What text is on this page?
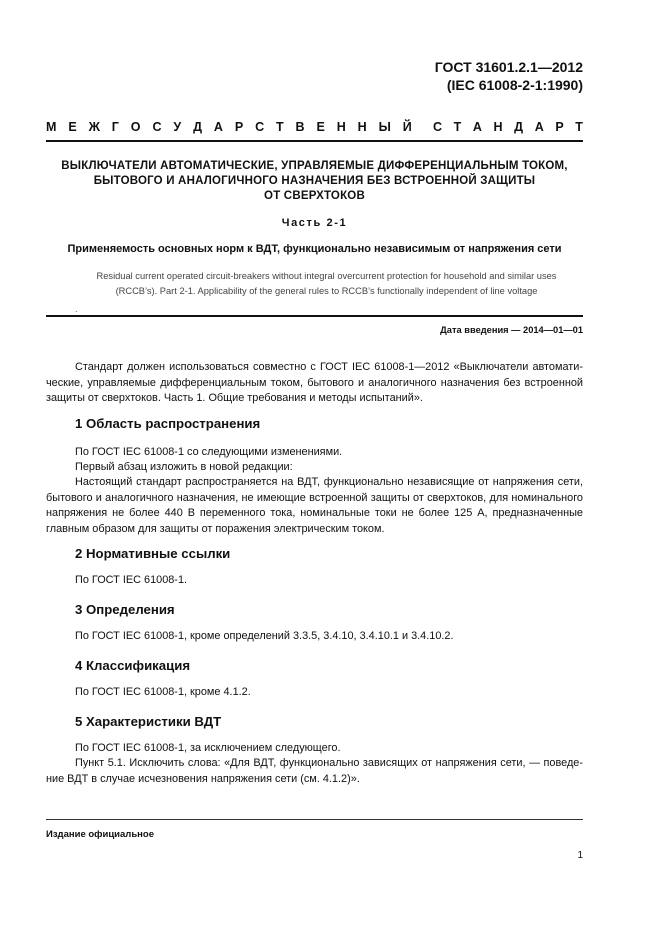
ГОСТ 31601.2.1—2012
(IEC 61008-2-1:1990)
М Е Ж Г О С У Д А Р С Т В Е Н Н Ы Й С Т А Н Д А Р Т
ВЫКЛЮЧАТЕЛИ АВТОМАТИЧЕСКИЕ, УПРАВЛЯЕМЫЕ ДИФФЕРЕНЦИАЛЬНЫМ ТОКОМ,
БЫТОВОГО И АНАЛОГИЧНОГО НАЗНАЧЕНИЯ БЕЗ ВСТРОЕННОЙ ЗАЩИТЫ
ОТ СВЕРХТОКОВ
Часть 2-1
Применяемость основных норм к ВДТ, функционально независимым от напряжения сети
Residual current operated circuit-breakers without integral overcurrent protection for household and similar uses
(RCCB’s). Part 2-1. Applicability of the general rules to RCCB’s functionally independent of line voltage
.
Дата введения — 2014—01—01
Стандарт должен использоваться совместно с ГОСТ IEC 61008-1—2012 «Выключатели автоматические, управляемые дифференциальным током, бытового и аналогичного назначения без встроенной защиты от сверхтоков. Часть 1. Общие требования и методы испытаний».
1 Область распространения
По ГОСТ IEC 61008-1 со следующими изменениями.
Первый абзац изложить в новой редакции:
Настоящий стандарт распространяется на ВДТ, функционально независящие от напряжения сети, бытового и аналогичного назначения, не имеющие встроенной защиты от сверхтоков, для номинального напряжения не более 440 В переменного тока, номинальные токи не более 125 А, предназначенные главным образом для защиты от поражения электрическим током.
2 Нормативные ссылки
По ГОСТ IEC 61008-1.
3 Определения
По ГОСТ IEC 61008-1, кроме определений 3.3.5, 3.4.10, 3.4.10.1 и 3.4.10.2.
4 Классификация
По ГОСТ IEC 61008-1, кроме 4.1.2.
5 Характеристики ВДТ
По ГОСТ IEC 61008-1, за исключением следующего.
Пункт 5.1. Исключить слова: «Для ВДТ, функционально зависящих от напряжения сети, — поведение ВДТ в случае исчезновения напряжения сети (см. 4.1.2)».
Издание официальное
1
